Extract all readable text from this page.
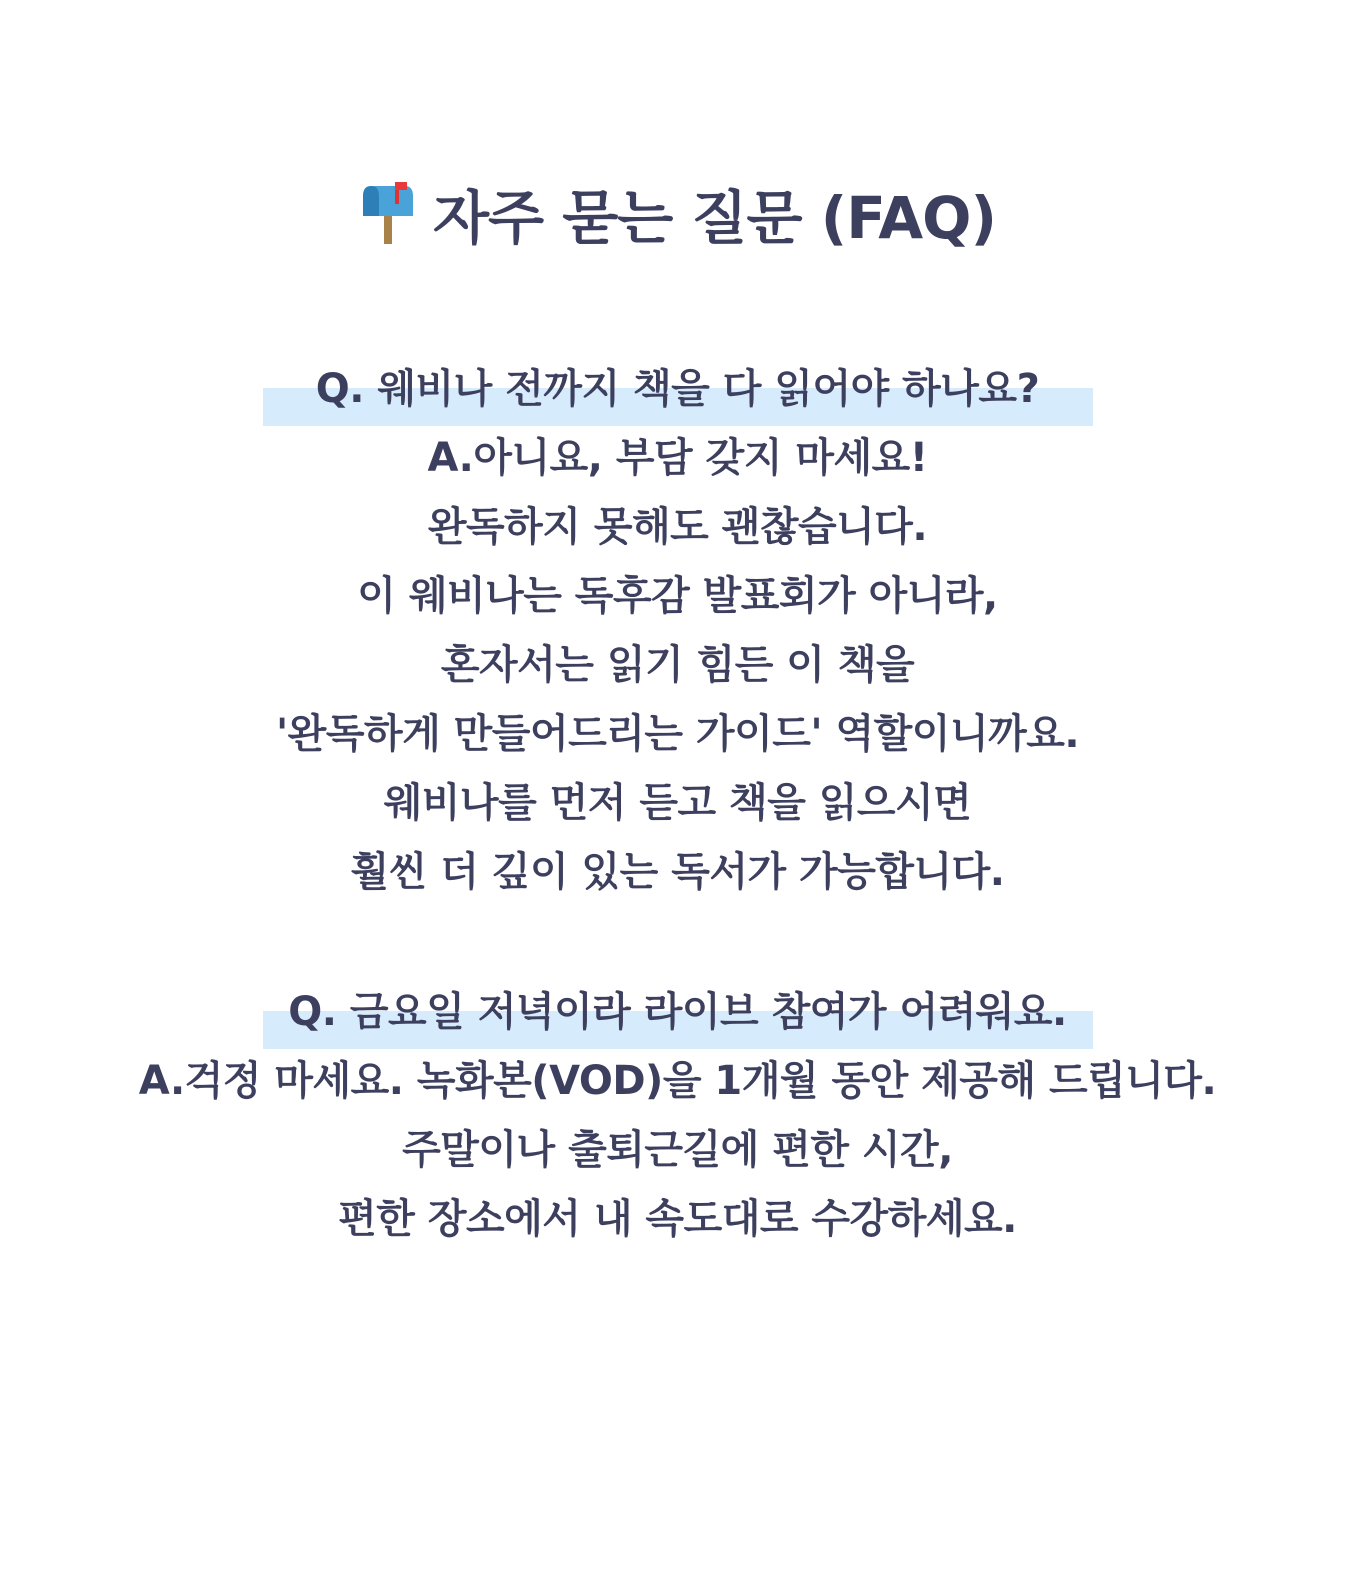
자주 묻는 질문 (FAQ)
Q. 웨비나 전까지 책을 다 읽어야 하나요?
A.아니요, 부담 갖지 마세요!
완독하지 못해도 괜찮습니다.
이 웨비나는 독후감 발표회가 아니라,
혼자서는 읽기 힘든 이 책을
'완독하게 만들어드리는 가이드' 역할이니까요.
웨비나를 먼저 듣고 책을 읽으시면
훨씬 더 깊이 있는 독서가 가능합니다.
Q. 금요일 저녁이라 라이브 참여가 어려워요.
A.걱정 마세요. 녹화본(VOD)을 1개월 동안 제공해 드립니다.
주말이나 출퇴근길에 편한 시간,
편한 장소에서 내 속도대로 수강하세요.
